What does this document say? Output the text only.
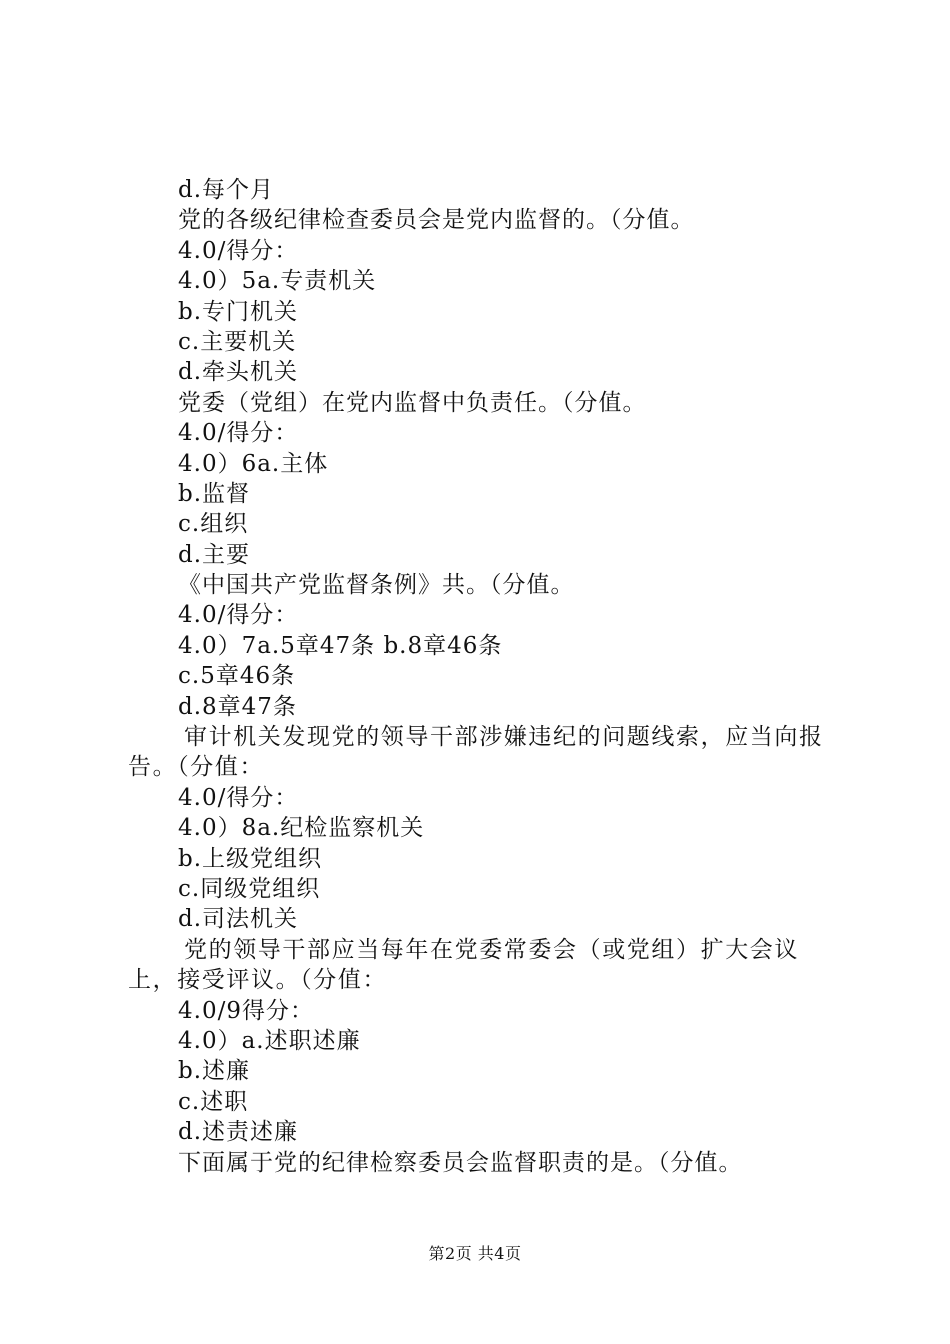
d.每个月
党的各级纪律检查委员会是党内监督的。（分值。
4.0/得分：
4.0）5a.专责机关
b.专门机关
c.主要机关
d.牵头机关
党委（党组）在党内监督中负责任。（分值。
4.0/得分：
4.0）6a.主体
b.监督
c.组织
d.主要
《中国共产党监督条例》共。（分值。
4.0/得分：
4.0）7a.5章47条 b.8章46条
c.5章46条
d.8章47条
审计机关发现党的领导干部涉嫌违纪的问题线索，应当向报告。（分值：
4.0/得分：
4.0）8a.纪检监察机关
b.上级党组织
c.同级党组织
d.司法机关
党的领导干部应当每年在党委常委会（或党组）扩大会议上，接受评议。（分值：
4.0/9得分：
4.0）a.述职述廉
b.述廉
c.述职
d.述责述廉
下面属于党的纪律检察委员会监督职责的是。（分值。
第2页 共4页
